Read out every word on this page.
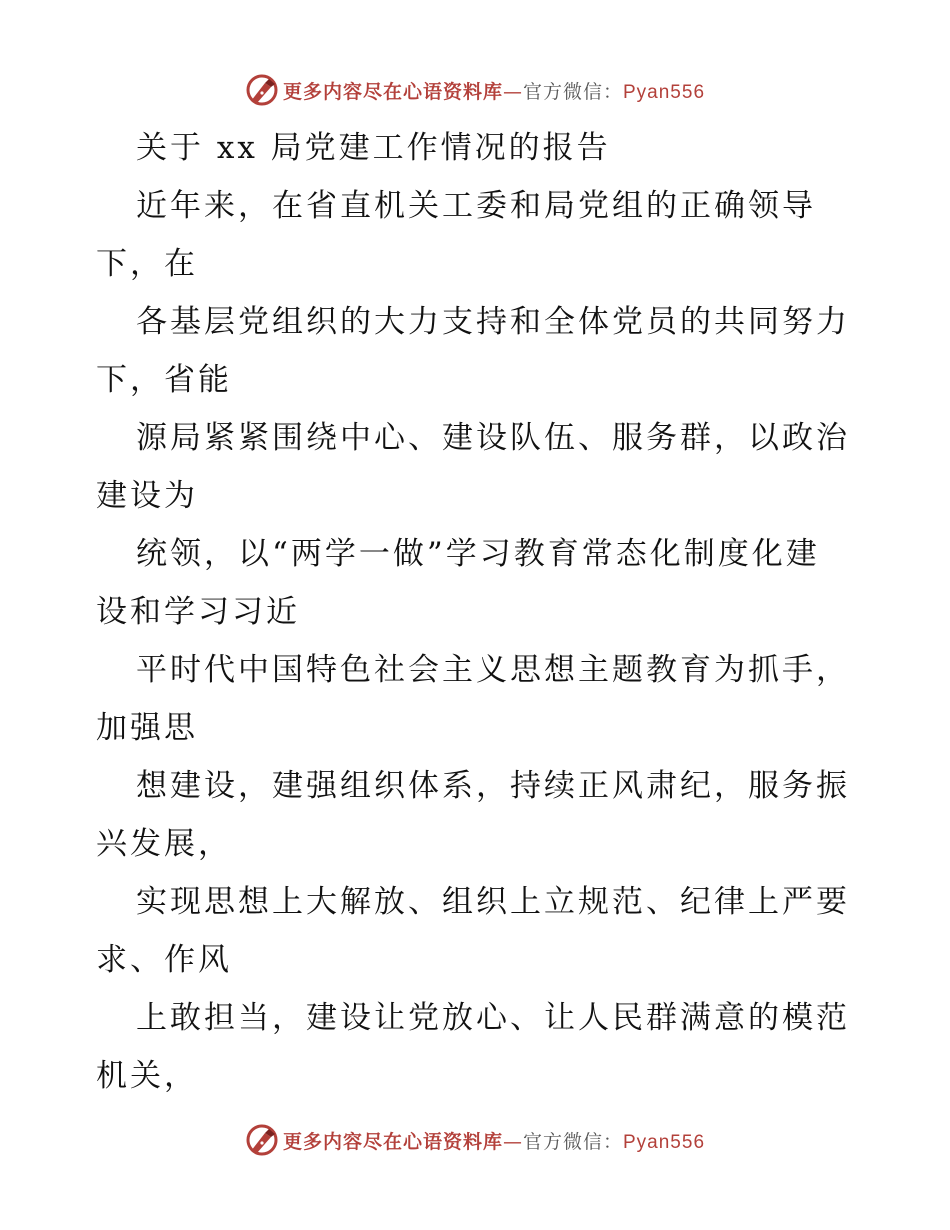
更多内容尽在心语资料库—官方微信：Pyan556
关于 xx 局党建工作情况的报告
近年来，在省直机关工委和局党组的正确领导
下，在
各基层党组织的大力支持和全体党员的共同努力
下，省能
源局紧紧围绕中心、建设队伍、服务群，以政治
建设为
统领，以“两学一做”学习教育常态化制度化建
设和学习习近
平时代中国特色社会主义思想主题教育为抓手，
加强思
想建设，建强组织体系，持续正风肃纪，服务振
兴发展，
实现思想上大解放、组织上立规范、纪律上严要
求、作风
上敢担当，建设让党放心、让人民群满意的模范
机关，
更多内容尽在心语资料库—官方微信：Pyan556
